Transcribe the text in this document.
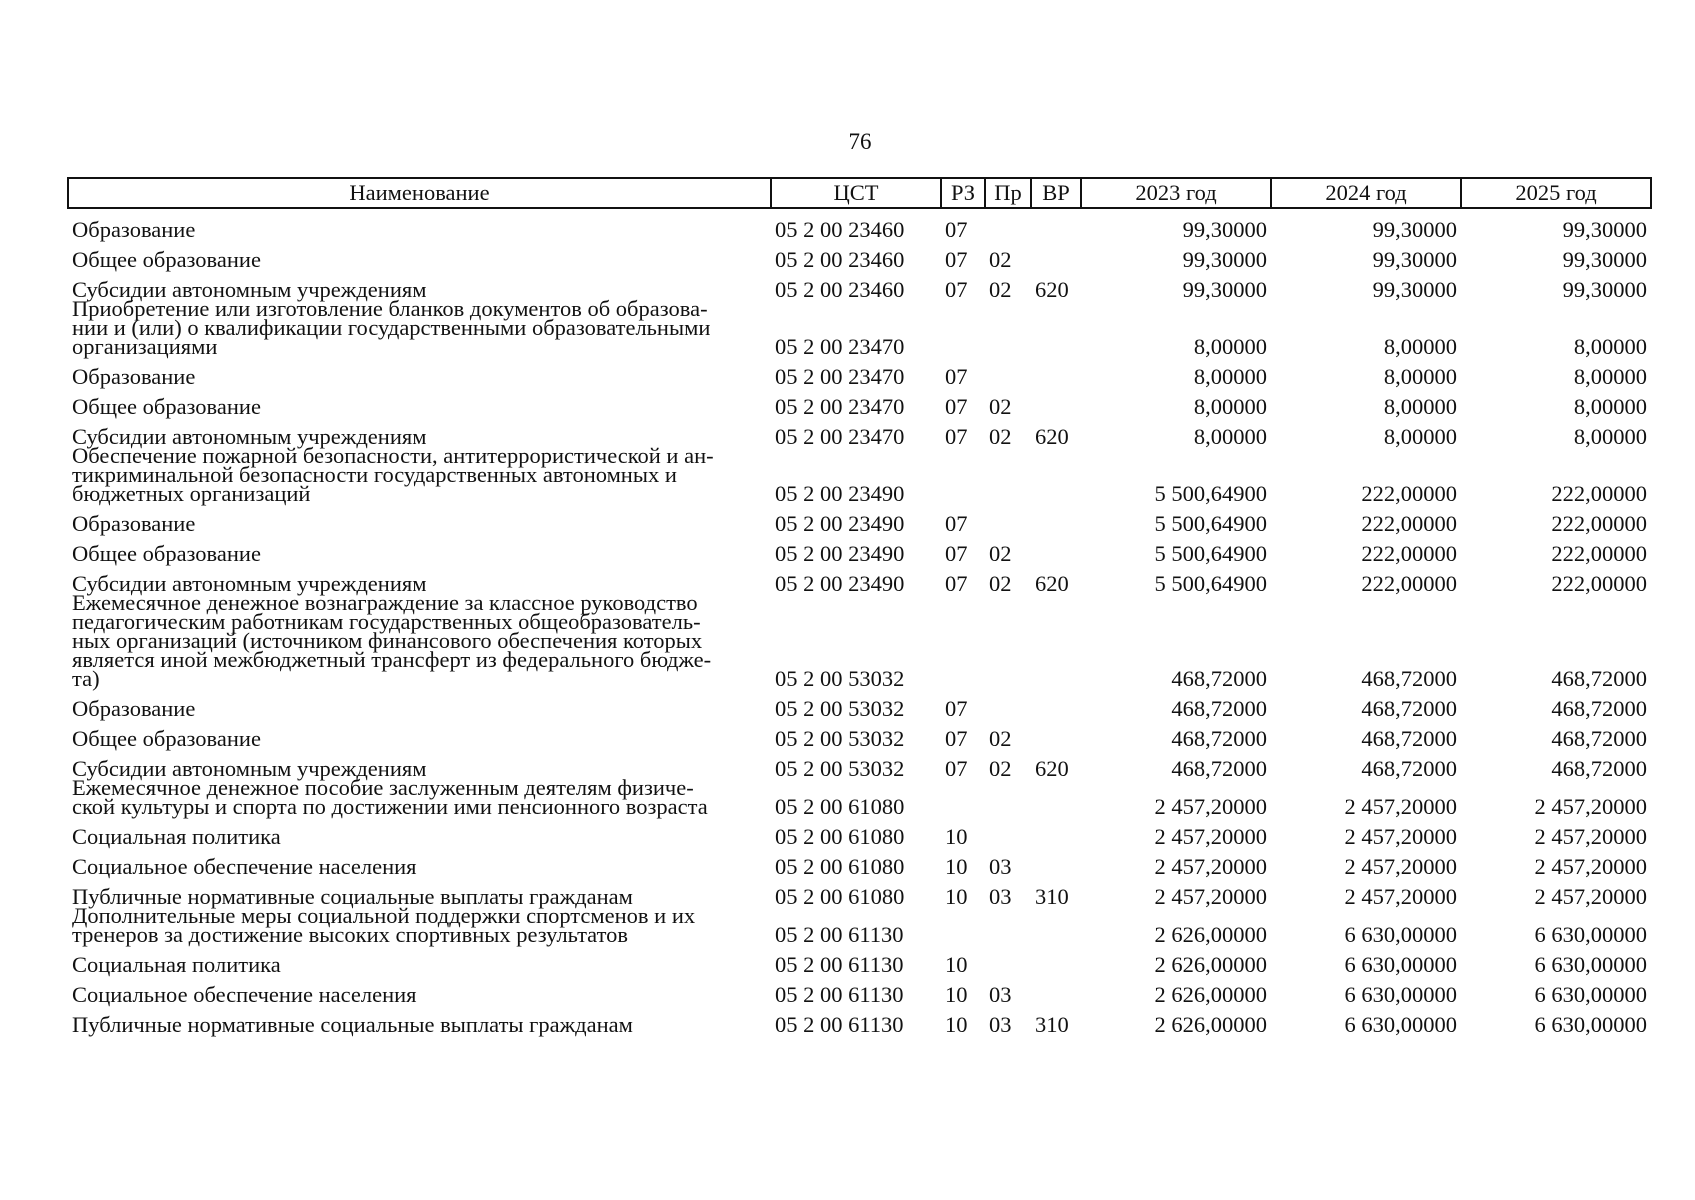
76
Наименование	ЦСТ	РЗ	Пр	ВР	2023 год	2024 год	2025 год
Образование	05 2 00 23460	07			99,30000	99,30000	99,30000
Общее образование	05 2 00 23460	07	02		99,30000	99,30000	99,30000
Субсидии автономным учреждениям	05 2 00 23460	07	02	620	99,30000	99,30000	99,30000

Приобретение или изготовление бланков документов об образова-
нии и (или) о квалификации государственными образовательными
организациями	05 2 00 23470				8,00000	8,00000	8,00000
Образование	05 2 00 23470	07			8,00000	8,00000	8,00000
Общее образование	05 2 00 23470	07	02		8,00000	8,00000	8,00000
Субсидии автономным учреждениям	05 2 00 23470	07	02	620	8,00000	8,00000	8,00000

Обеспечение пожарной безопасности, антитеррористической и ан-
тикриминальной безопасности государственных автономных и
бюджетных организаций	05 2 00 23490				5 500,64900	222,00000	222,00000
Образование	05 2 00 23490	07			5 500,64900	222,00000	222,00000
Общее образование	05 2 00 23490	07	02		5 500,64900	222,00000	222,00000
Субсидии автономным учреждениям	05 2 00 23490	07	02	620	5 500,64900	222,00000	222,00000

Ежемесячное денежное вознаграждение за классное руководство
педагогическим работникам государственных общеобразователь-
ных организаций (источником финансового обеспечения которых
является иной межбюджетный трансферт из федерального бюдже-
та)	05 2 00 53032				468,72000	468,72000	468,72000
Образование	05 2 00 53032	07			468,72000	468,72000	468,72000
Общее образование	05 2 00 53032	07	02		468,72000	468,72000	468,72000
Субсидии автономным учреждениям	05 2 00 53032	07	02	620	468,72000	468,72000	468,72000

Ежемесячное денежное пособие заслуженным деятелям физиче-
ской культуры и спорта по достижении ими пенсионного возраста	05 2 00 61080				2 457,20000	2 457,20000	2 457,20000
Социальная политика	05 2 00 61080	10			2 457,20000	2 457,20000	2 457,20000
Социальное обеспечение населения	05 2 00 61080	10	03		2 457,20000	2 457,20000	2 457,20000
Публичные нормативные социальные выплаты гражданам	05 2 00 61080	10	03	310	2 457,20000	2 457,20000	2 457,20000

Дополнительные меры социальной поддержки спортсменов и их
тренеров за достижение высоких спортивных результатов	05 2 00 61130				2 626,00000	6 630,00000	6 630,00000
Социальная политика	05 2 00 61130	10			2 626,00000	6 630,00000	6 630,00000
Социальное обеспечение населения	05 2 00 61130	10	03		2 626,00000	6 630,00000	6 630,00000
Публичные нормативные социальные выплаты гражданам	05 2 00 61130	10	03	310	2 626,00000	6 630,00000	6 630,00000
